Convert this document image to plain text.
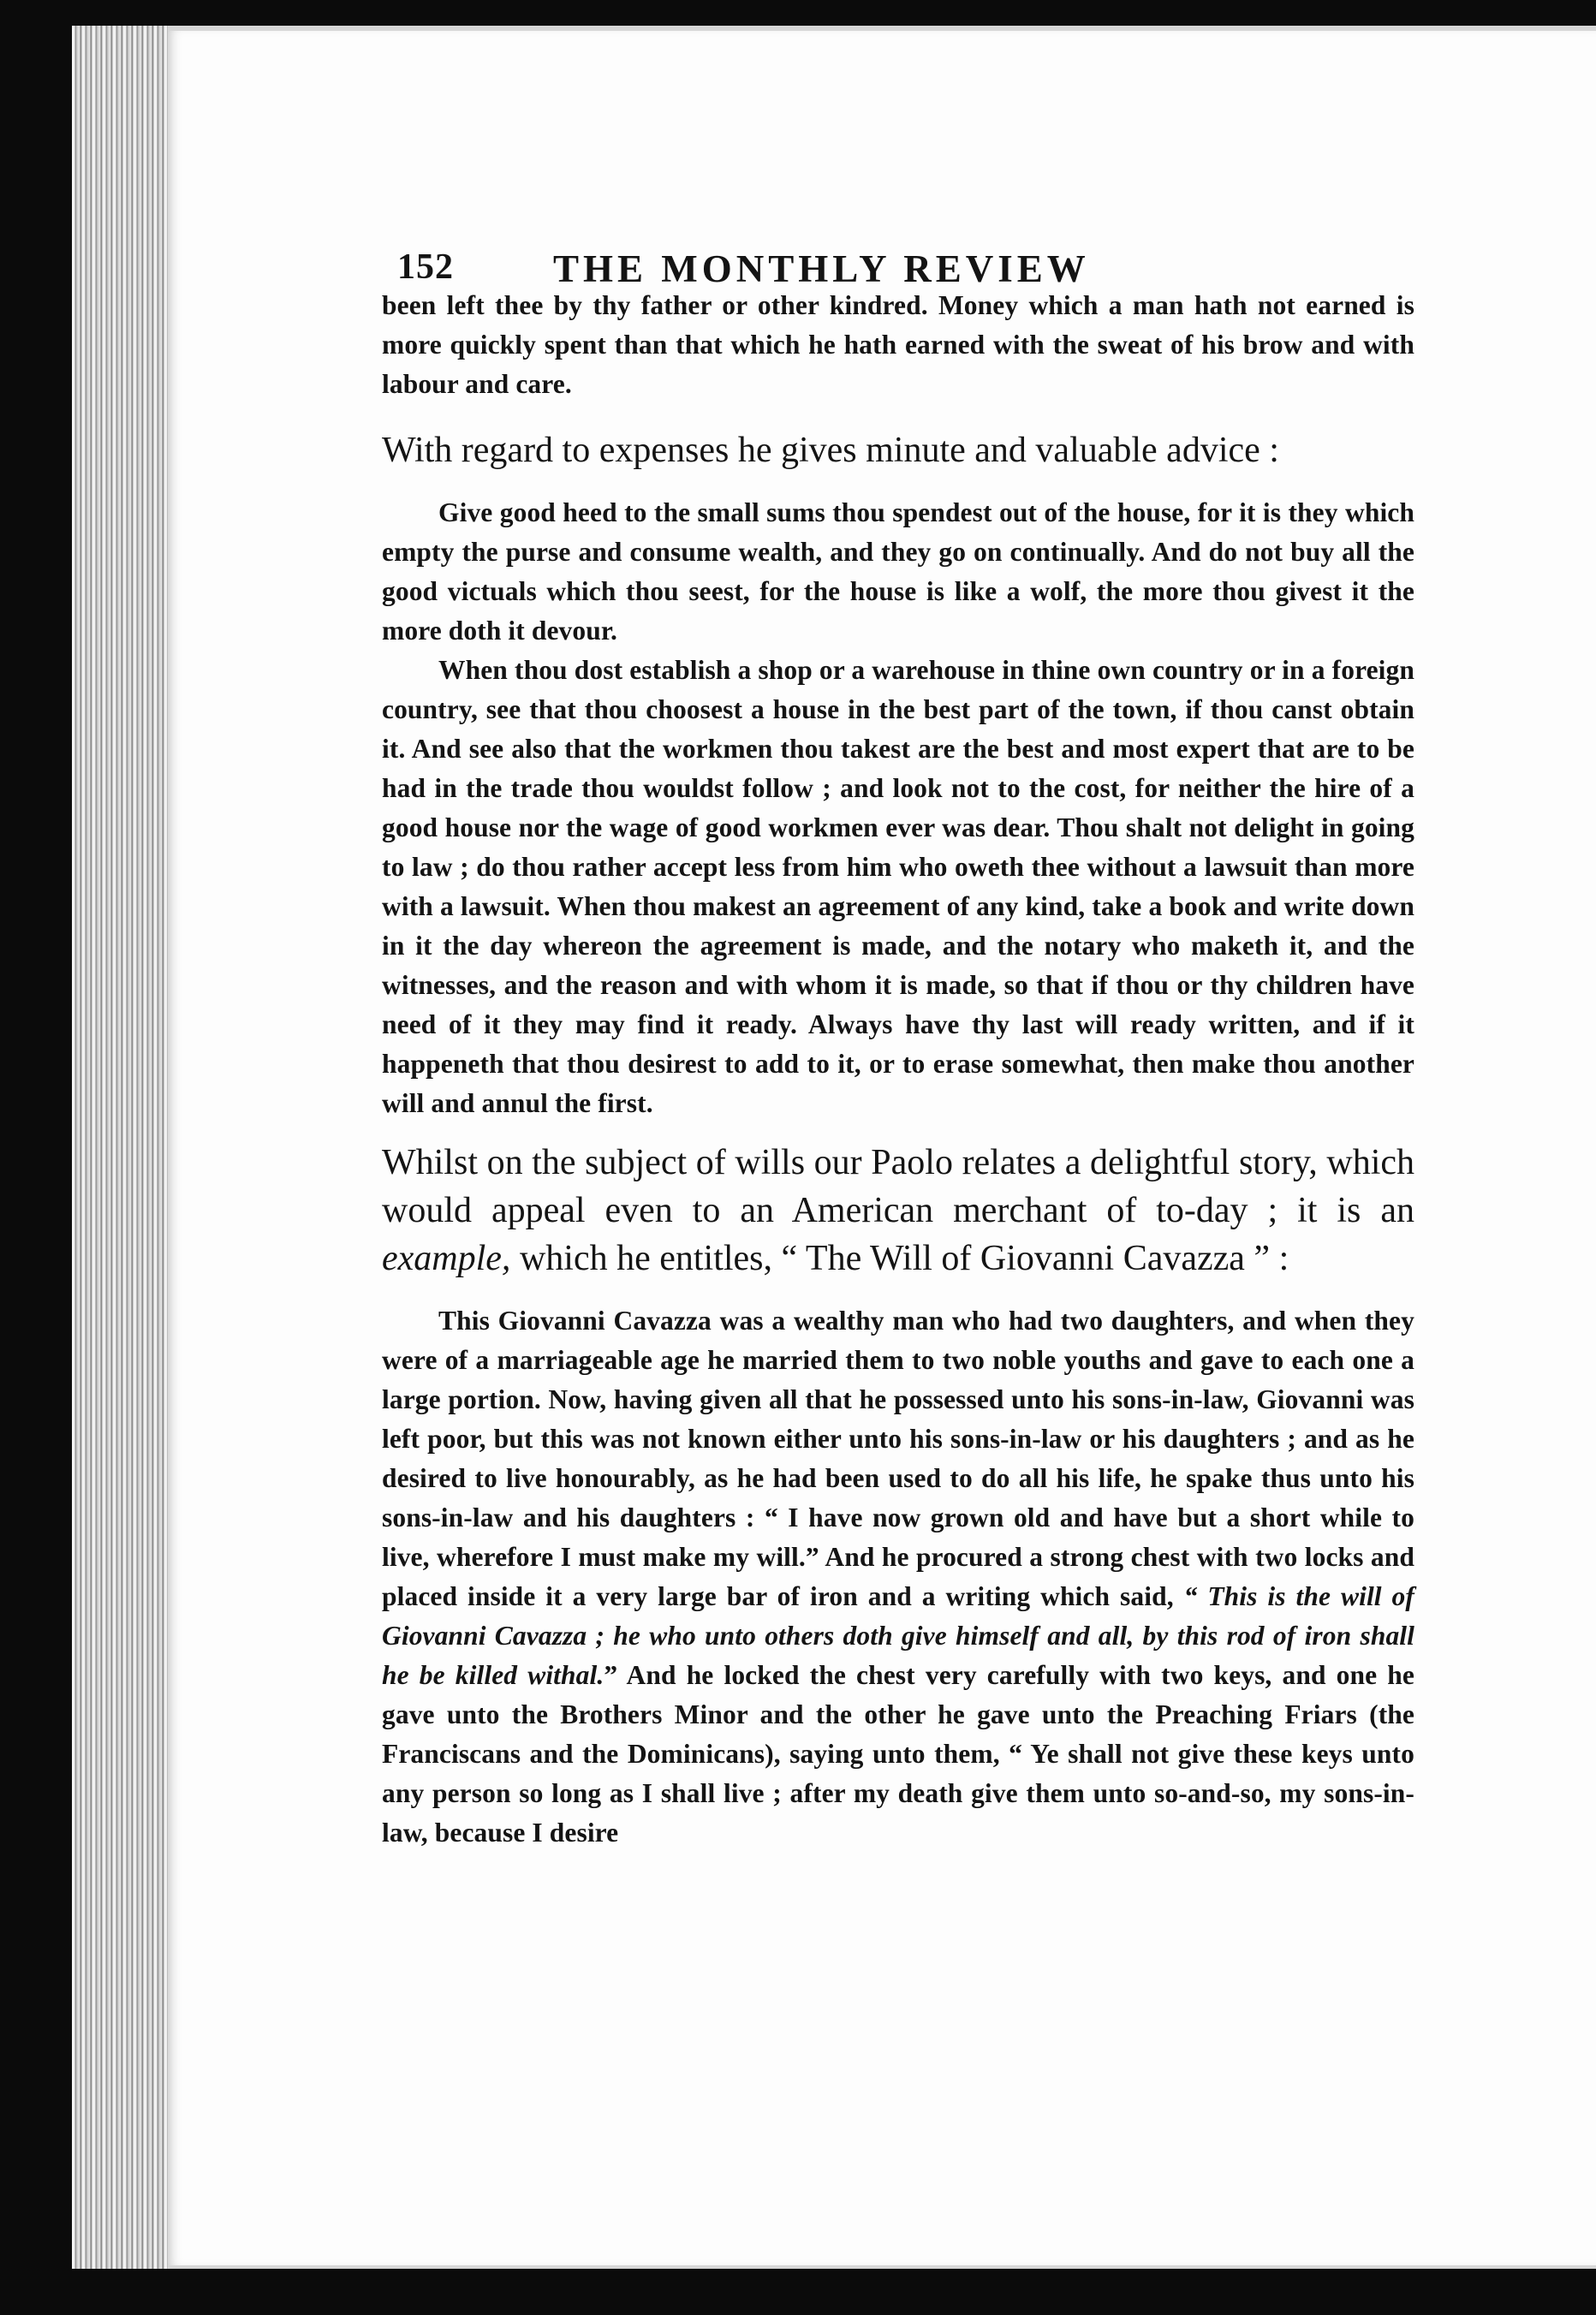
152	THE MONTHLY REVIEW

been left thee by thy father or other kindred. Money which a man hath not earned is more quickly spent than that which he hath earned with the sweat of his brow and with labour and care.

With regard to expenses he gives minute and valuable advice :

Give good heed to the small sums thou spendest out of the house, for it is they which empty the purse and consume wealth, and they go on continually. And do not buy all the good victuals which thou seest, for the house is like a wolf, the more thou givest it the more doth it devour.

When thou dost establish a shop or a warehouse in thine own country or in a foreign country, see that thou choosest a house in the best part of the town, if thou canst obtain it. And see also that the workmen thou takest are the best and most expert that are to be had in the trade thou wouldst follow ; and look not to the cost, for neither the hire of a good house nor the wage of good workmen ever was dear. Thou shalt not delight in going to law ; do thou rather accept less from him who oweth thee without a lawsuit than more with a lawsuit. When thou makest an agreement of any kind, take a book and write down in it the day whereon the agreement is made, and the notary who maketh it, and the witnesses, and the reason and with whom it is made, so that if thou or thy children have need of it they may find it ready. Always have thy last will ready written, and if it happeneth that thou desirest to add to it, or to erase somewhat, then make thou another will and annul the first.

Whilst on the subject of wills our Paolo relates a delightful story, which would appeal even to an American merchant of to-day ; it is an example, which he entitles, “ The Will of Giovanni Cavazza ” :

This Giovanni Cavazza was a wealthy man who had two daughters, and when they were of a marriageable age he married them to two noble youths and gave to each one a large portion. Now, having given all that he possessed unto his sons-in-law, Giovanni was left poor, but this was not known either unto his sons-in-law or his daughters ; and as he desired to live honourably, as he had been used to do all his life, he spake thus unto his sons-in-law and his daughters : “ I have now grown old and have but a short while to live, wherefore I must make my will.” And he procured a strong chest with two locks and placed inside it a very large bar of iron and a writing which said, “ This is the will of Giovanni Cavazza ; he who unto others doth give himself and all, by this rod of iron shall he be killed withal.” And he locked the chest very carefully with two keys, and one he gave unto the Brothers Minor and the other he gave unto the Preaching Friars (the Franciscans and the Dominicans), saying unto them, “ Ye shall not give these keys unto any person so long as I shall live ; after my death give them unto so-and-so, my sons-in-law, because I desire
